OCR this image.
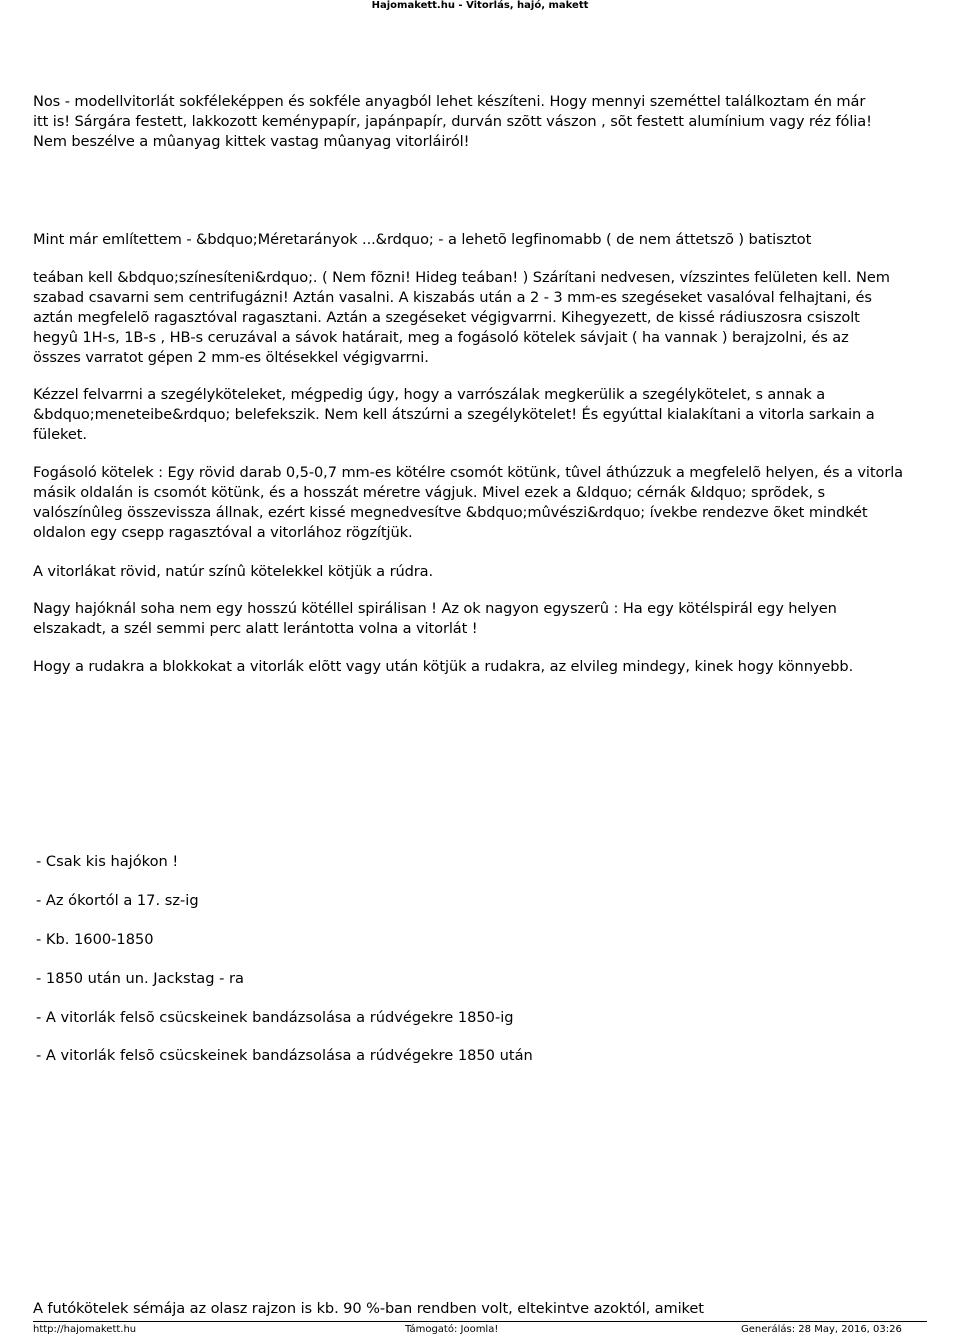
Hajomakett.hu - Vitorlás, hajó, makett
Nos - modellvitorlát sokféleképpen és sokféle anyagból lehet készíteni. Hogy mennyi szeméttel találkoztam én már
itt is! Sárgára festett, lakkozott keménypapír, japánpapír, durván szõtt vászon , sõt festett alumínium vagy réz fólia!
Nem beszélve a mûanyag kittek vastag mûanyag vitorláiról!
Mint már említettem - &bdquo;Méretarányok ...&rdquo; - a lehetõ legfinomabb ( de nem áttetszõ ) batisztot
teában kell &bdquo;színesíteni&rdquo;. ( Nem fõzni! Hideg teában! ) Szárítani nedvesen, vízszintes felületen kell. Nem
szabad csavarni sem centrifugázni! Aztán vasalni. A kiszabás után a 2 - 3 mm-es szegéseket vasalóval felhajtani, és
aztán megfelelõ ragasztóval ragasztani. Aztán a szegéseket végigvarrni. Kihegyezett, de kissé rádiuszosra csiszolt
hegyû 1H-s, 1B-s , HB-s ceruzával a sávok határait, meg a fogásoló kötelek sávjait ( ha vannak ) berajzolni, és az
összes varratot gépen 2 mm-es öltésekkel végigvarrni.
Kézzel felvarrni a szegélyköteleket, mégpedig úgy, hogy a varrószálak megkerülik a szegélykötelet, s annak a
&bdquo;meneteibe&rdquo; belefekszik. Nem kell átszúrni a szegélykötelet! És egyúttal kialakítani a vitorla sarkain a
füleket.
Fogásoló kötelek : Egy rövid darab 0,5-0,7 mm-es kötélre csomót kötünk, tûvel áthúzzuk a megfelelõ helyen, és a vitorla
másik oldalán is csomót kötünk, és a hosszát méretre vágjuk. Mivel ezek a &ldquo; cérnák &ldquo; sprõdek, s
valószínûleg összevissza állnak, ezért kissé megnedvesítve &bdquo;mûvészi&rdquo; ívekbe rendezve õket mindkét
oldalon egy csepp ragasztóval a vitorlához rögzítjük.
A vitorlákat rövid, natúr színû kötelekkel kötjük a rúdra.
Nagy hajóknál soha nem egy hosszú kötéllel spirálisan ! Az ok nagyon egyszerû : Ha egy kötélspirál egy helyen
elszakadt, a szél semmi perc alatt lerántotta volna a vitorlát !
Hogy a rudakra a blokkokat a vitorlák elõtt vagy után kötjük a rudakra, az elvileg mindegy, kinek hogy könnyebb.
- Csak kis hajókon !
- Az ókortól a 17. sz-ig
- Kb. 1600-1850
- 1850 után un. Jackstag - ra
- A vitorlák felsõ csücskeinek bandázsolása a rúdvégekre 1850-ig
- A vitorlák felsõ csücskeinek bandázsolása a rúdvégekre 1850 után
A futókötelek sémája az olasz rajzon is kb. 90 %-ban rendben volt, eltekintve azoktól, amiket
http://hajomakett.hu	Támogató: Joomla!	Generálás: 28 May, 2016, 03:26
